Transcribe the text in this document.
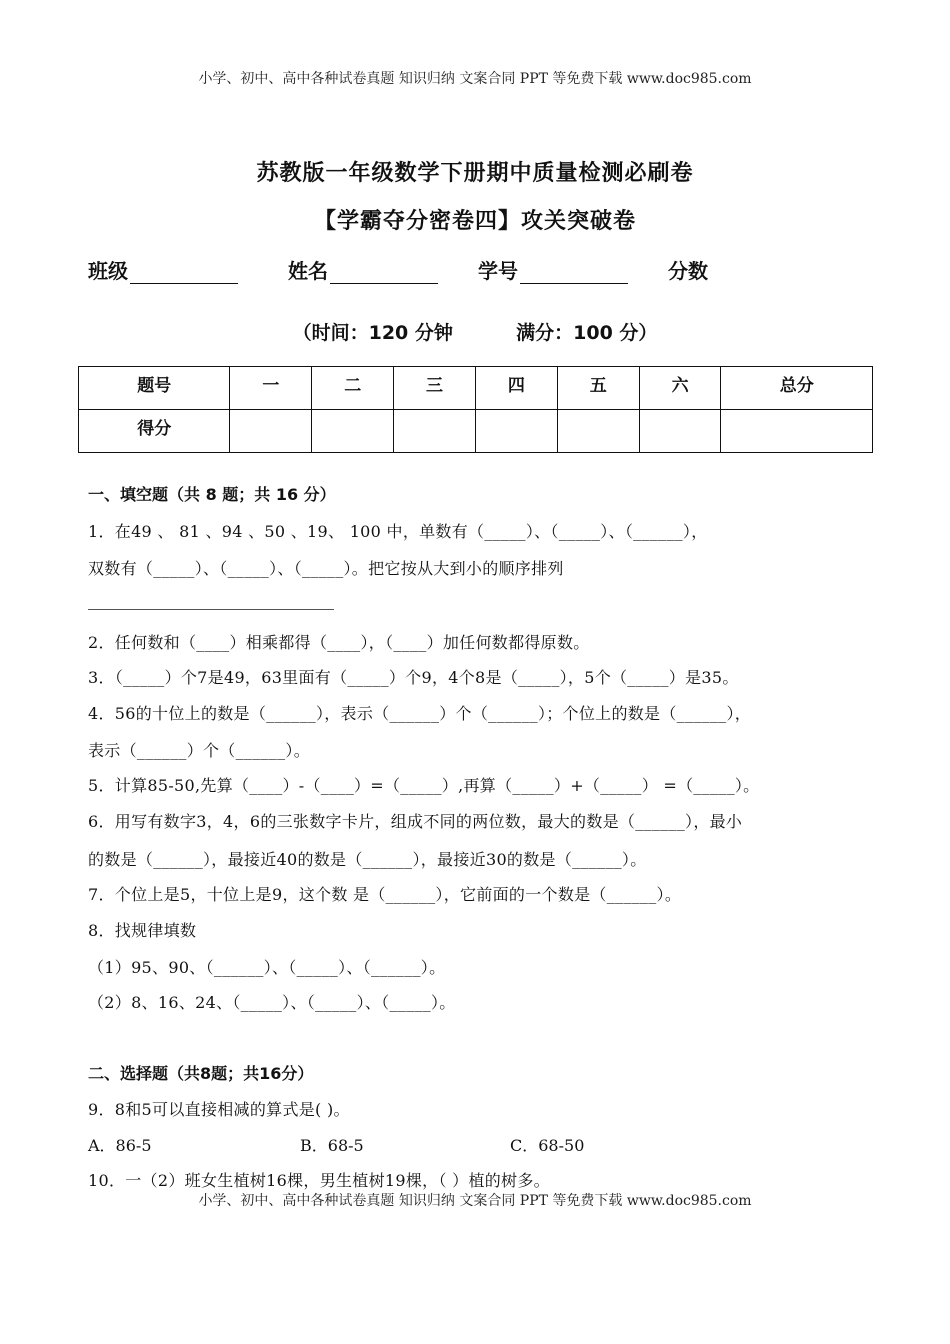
小学、初中、高中各种试卷真题 知识归纳 文案合同 PPT 等免费下载 www.doc985.com
苏教版一年级数学下册期中质量检测必刷卷
【学霸夺分密卷四】攻关突破卷
班级	姓名	学号	分数
（时间：120 分钟	满分：100 分）
题号	一	二	三	四	五	六	总分
得分							
一、填空题（共 8 题；共 16 分）
1．在49 、 81 、94 、50 、19、 100 中，单数有（_____）、（_____）、（______），
双数有（_____）、（_____）、（_____）。把它按从大到小的顺序排列
2．任何数和（____）相乘都得（____），（____）加任何数都得原数。
3．（_____）个7是49，63里面有（_____）个9，4个8是（_____），5个（_____）是35。
4．56的十位上的数是（______），表示（______）个（______）；个位上的数是（______），
表示（______）个（______）。
5．计算85-50,先算（____）-（____）=（_____）,再算（_____）+（_____） =（_____）。
6．用写有数字3，4，6的三张数字卡片，组成不同的两位数，最大的数是（______），最小
的数是（______），最接近40的数是（______），最接近30的数是（______）。
7．个位上是5，十位上是9，这个数 是（______），它前面的一个数是（______）。
8．找规律填数
（1）95、90、（______）、（_____）、（______）。
（2）8、16、24、（_____）、（_____）、（_____）。
二、选择题（共8题；共16分）
9．8和5可以直接相减的算式是( )。
A．86-5	B．68-5	C．68-50
10．一（2）班女生植树16棵，男生植树19棵，（ ）植的树多。
小学、初中、高中各种试卷真题 知识归纳 文案合同 PPT 等免费下载 www.doc985.com
